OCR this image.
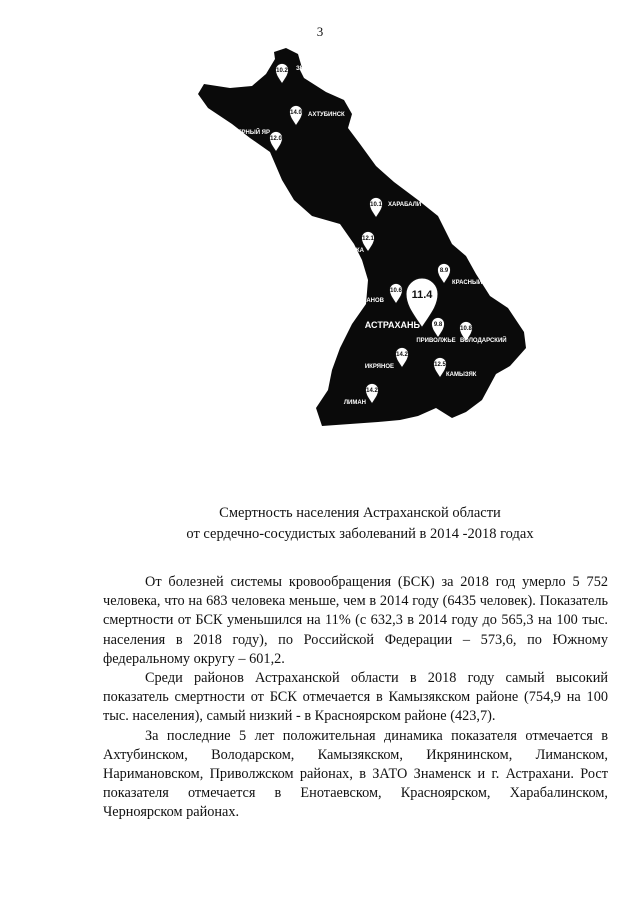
3
10.2 ЗНАМЕНСК
14.0 АХТУБИНСК
12.0
ЧЕРНЫЙ ЯР
10.1 ХАРАБАЛИ
12.1
ЕНОТАЕВКА
8.9
КРАСНЫЙ ЯР
10.6
НАРИМАНОВ
9.8
ПРИВОЛЖЬЕ
10.8
ВОЛОДАРСКИЙ
14.2
ИКРЯНОЕ	12.5
КАМЫЗЯК
14.2
ЛИМАН
11.4
АСТРАХАНЬ
Смертность населения Астраханской области
от сердечно-сосудистых заболеваний в 2014 -2018 годах

От болезней системы кровообращения (БСК) за 2018 год умерло 5 752 человека, что на 683 человека меньше, чем в 2014 году (6435 человек). Показатель смертности от БСК уменьшился на 11% (с 632,3 в 2014 году до 565,3 на 100 тыс. населения в 2018 году), по Российской Федерации – 573,6, по Южному федеральному округу – 601,2.

Среди районов Астраханской области в 2018 году самый высокий показатель смертности от БСК отмечается в Камызякском районе (754,9 на 100 тыс. населения), самый низкий - в Красноярском районе (423,7).

За последние 5 лет положительная динамика показателя отмечается в Ахтубинском, Володарском, Камызякском, Икрянинском, Лиманском, Наримановском, Приволжском районах, в ЗАТО Знаменск и г. Астрахани. Рост показателя отмечается в Енотаевском, Красноярском, Харабалинском, Черноярском районах.
